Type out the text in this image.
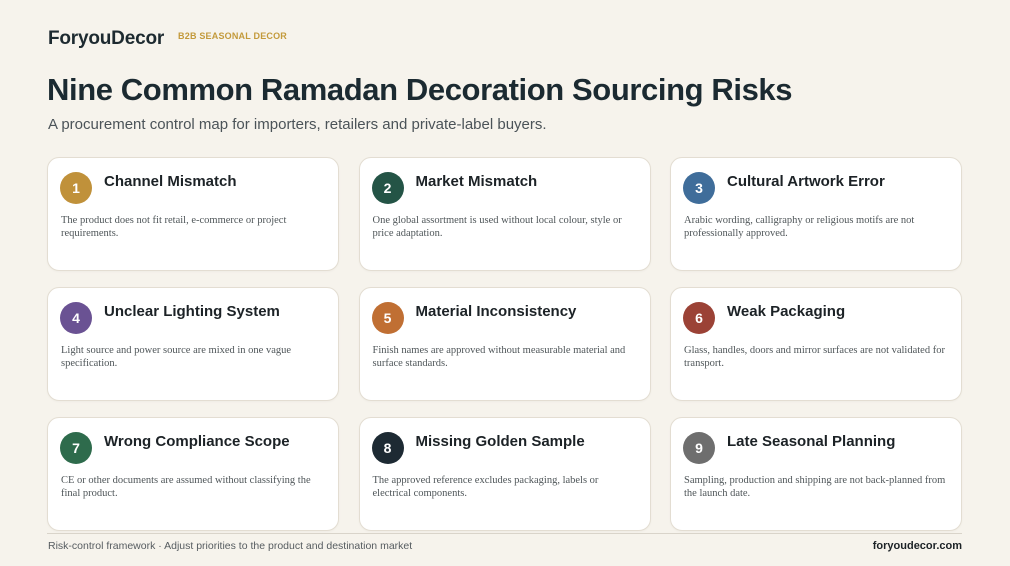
ForyouDecor B2B SEASONAL DECOR
Nine Common Ramadan Decoration Sourcing Risks

A procurement control map for importers, retailers and private-label buyers.

1	Channel Mismatch
The product does not fit retail, e-commerce or project requirements.
2	Market Mismatch
One global assortment is used without local colour, style or price adaptation.
3	Cultural Artwork Error
Arabic wording, calligraphy or religious motifs are not professionally approved.
4	Unclear Lighting System
Light source and power source are mixed in one vague specification.
5	Material Inconsistency
Finish names are approved without measurable material and surface standards.
6	Weak Packaging
Glass, handles, doors and mirror surfaces are not validated for transport.
7	Wrong Compliance Scope
CE or other documents are assumed without classifying the final product.
8	Missing Golden Sample
The approved reference excludes packaging, labels or electrical components.
9	Late Seasonal Planning
Sampling, production and shipping are not back-planned from the launch date.
Risk-control framework · Adjust priorities to the product and destination market	foryoudecor.com
